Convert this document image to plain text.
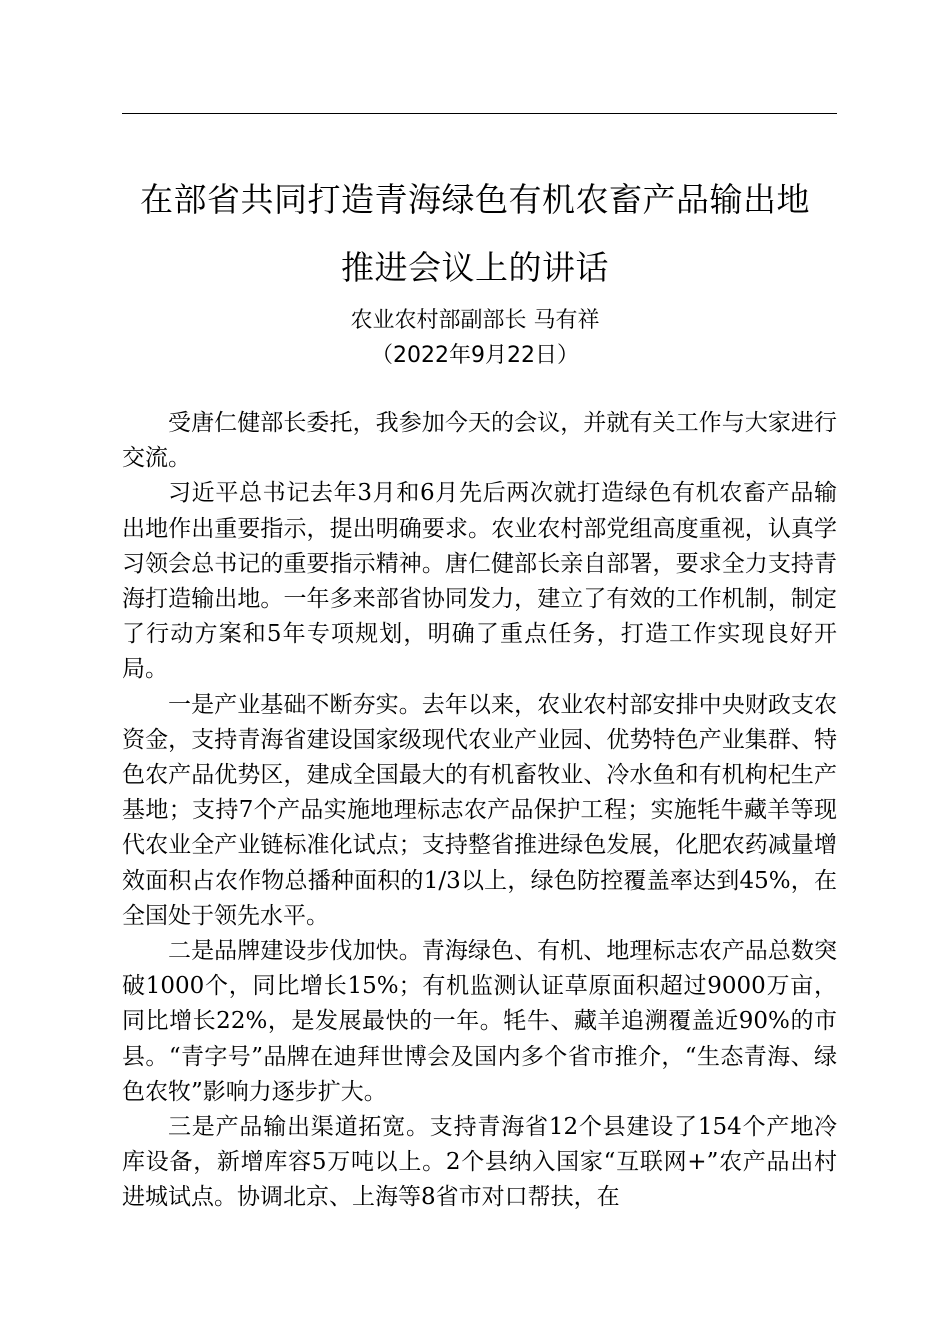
在部省共同打造青海绿色有机农畜产品输出地
推进会议上的讲话
农业农村部副部长 马有祥
（2022年9月22日）

受唐仁健部长委托，我参加今天的会议，并就有关工作与大家进行交流。

习近平总书记去年3月和6月先后两次就打造绿色有机农畜产品输出地作出重要指示，提出明确要求。农业农村部党组高度重视，认真学习领会总书记的重要指示精神。唐仁健部长亲自部署，要求全力支持青海打造输出地。一年多来部省协同发力，建立了有效的工作机制，制定了行动方案和5年专项规划，明确了重点任务，打造工作实现良好开局。

一是产业基础不断夯实。去年以来，农业农村部安排中央财政支农资金，支持青海省建设国家级现代农业产业园、优势特色产业集群、特色农产品优势区，建成全国最大的有机畜牧业、冷水鱼和有机枸杞生产基地；支持7个产品实施地理标志农产品保护工程；实施牦牛藏羊等现代农业全产业链标准化试点；支持整省推进绿色发展，化肥农药减量增效面积占农作物总播种面积的1/3以上，绿色防控覆盖率达到45%，在全国处于领先水平。

二是品牌建设步伐加快。青海绿色、有机、地理标志农产品总数突破1000个，同比增长15%；有机监测认证草原面积超过9000万亩，同比增长22%，是发展最快的一年。牦牛、藏羊追溯覆盖近90%的市县。“青字号”品牌在迪拜世博会及国内多个省市推介，“生态青海、绿色农牧”影响力逐步扩大。

三是产品输出渠道拓宽。支持青海省12个县建设了154个产地冷库设备，新增库容5万吨以上。2个县纳入国家“互联网+”农产品出村进城试点。协调北京、上海等8省市对口帮扶，在
